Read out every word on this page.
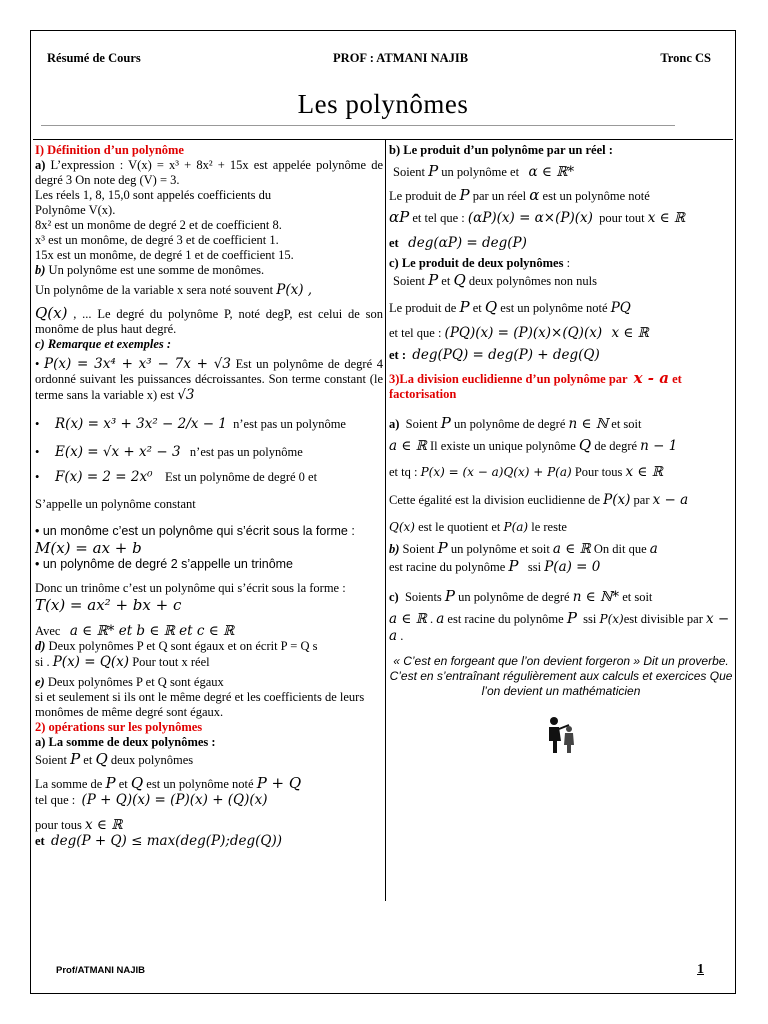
Résumé de Cours	PROF : ATMANI NAJIB	Tronc CS
Les polynômes

I) Définition d’un polynôme

a) L’expression : V(x) = x³ + 8x² + 15x est appelée polynôme de degré 3 On note deg (V) = 3.

Les réels 1, 8, 15,0 sont appelés coefficients du

Polynôme V(x).

8x² est un monôme de degré 2 et de coefficient 8.

x³ est un monôme, de degré 3 et de coefficient 1.

15x est un monôme, de degré 1 et de coefficient 15.

b) Un polynôme est une somme de monômes.

Un polynôme de la variable x sera noté souvent P(x) ,

Q(x) , ... Le degré du polynôme P, noté degP, est celui de son monôme de plus haut degré.

c) Remarque et exemples :

• P(x) = 3x⁴ + x³ − 7x + √3 Est un polynôme de degré 4 ordonné suivant les puissances décroissantes. Son terme constant (le terme sans la variable x) est √3

•     R(x) = x³ + 3x² − 2/x − 1 n’est pas un polynôme

•     E(x) = √x + x² − 3 n’est pas un polynôme

•     F(x) = 2 = 2x⁰ Est un polynôme de degré 0 et

S’appelle un polynôme constant

• un monôme c’est un polynôme qui s’écrit sous la forme :

M(x) = ax + b

• un polynôme de degré 2 s’appelle un trinôme

Donc un trinôme c’est un polynôme qui s’écrit sous la forme :

T(x) = ax² + bx + c

Avec a ∈ ℝ* et b ∈ ℝ et c ∈ ℝ

d) Deux polynômes P et Q sont égaux et on écrit P = Q s

si . P(x) = Q(x) Pour tout x réel

e) Deux polynômes P et Q sont égaux

si et seulement si ils ont le même degré et les coefficients de leurs monômes de même degré sont égaux.

2) opérations sur les polynômes

a) La somme de deux polynômes :

Soient P et Q deux polynômes

La somme de P et Q est un polynôme noté P + Q

tel que : (P + Q)(x) = (P)(x) + (Q)(x)

pour tous x ∈ ℝ

et deg(P + Q) ≤ max(deg(P);deg(Q))

b) Le produit d’un polynôme par un réel :

Soient P un polynôme et α ∈ ℝ*

Le produit de P par un réel α est un polynôme noté

αP et tel que : (αP)(x) = α×(P)(x) pour tout x ∈ ℝ

et deg(αP) = deg(P)

c) Le produit de deux polynômes :

Soient P et Q deux polynômes non nuls

Le produit de P et Q est un polynôme noté PQ

et tel que : (PQ)(x) = (P)(x)×(Q)(x) x ∈ ℝ

et : deg(PQ) = deg(P) + deg(Q)

3)La division euclidienne d’un polynôme par x - a et

factorisation

a) Soient P un polynôme de degré n ∈ ℕ et soit

a ∈ ℝ Il existe un unique polynôme Q de degré n − 1

et tq : P(x) = (x − a)Q(x) + P(a) Pour tous x ∈ ℝ

Cette égalité est la division euclidienne de P(x) par x − a

Q(x) est le quotient et P(a) le reste

b) Soient P un polynôme et soit a ∈ ℝ On dit que a

est racine du polynôme P ssi P(a) = 0

c) Soients P un polynôme de degré n ∈ ℕ* et soit

a ∈ ℝ . a est racine du polynôme P ssi P(x)est divisible par x − a .

« C’est en forgeant que l’on devient forgeron » Dit un proverbe.
C’est en s’entraînant régulièrement aux calculs et exercices Que l’on devient un mathématicien
Prof/ATMANI NAJIB	1
